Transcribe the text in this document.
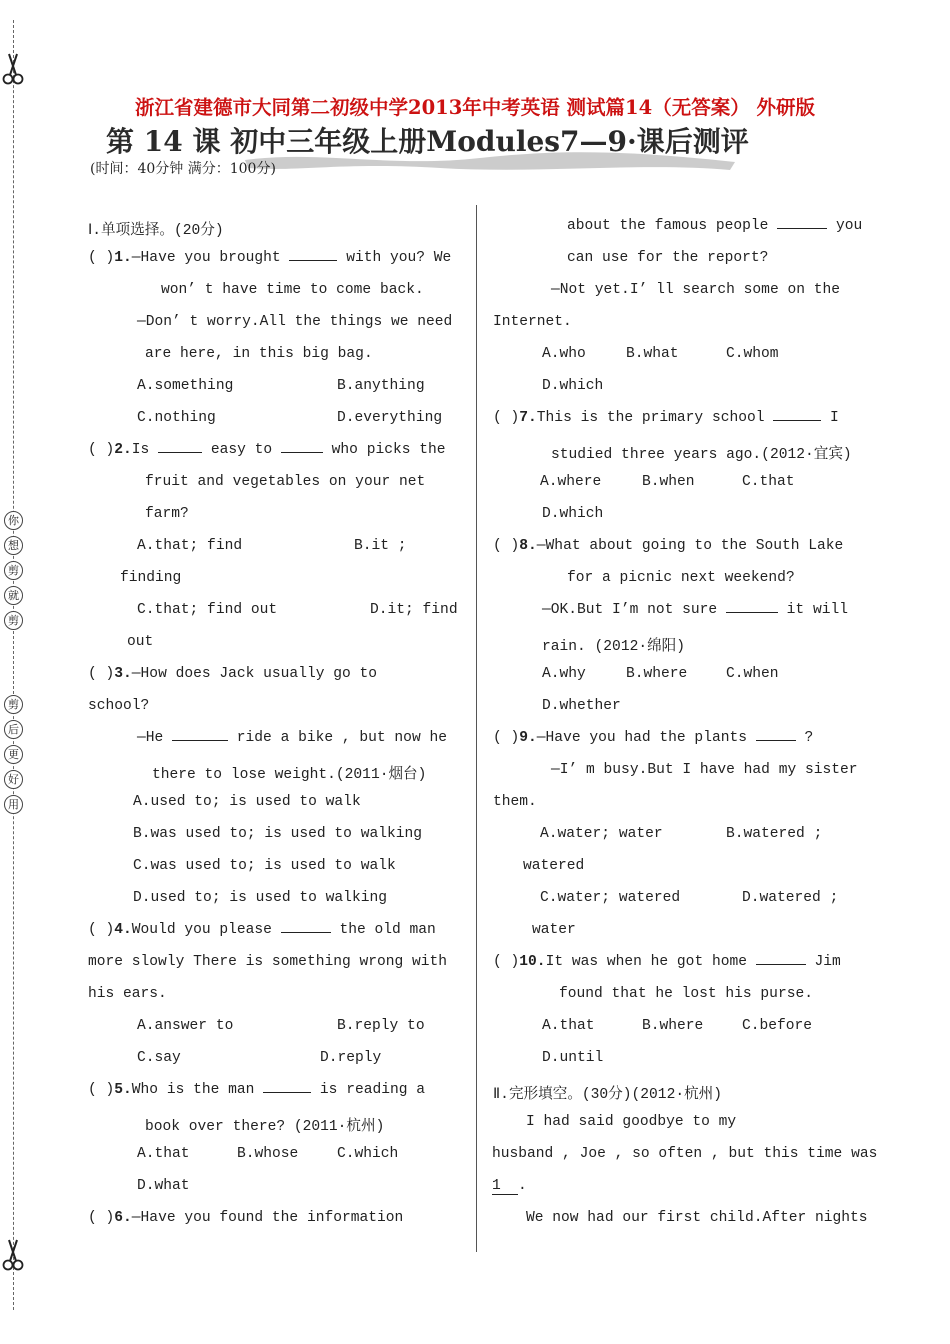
你
想
剪
就
剪
剪
后
更
好
用
浙江省建德市大同第二初级中学2013年中考英语 测试篇14（无答案） 外研版
第 14 课 初中三年级上册Modules7—9·课后测评
(时间：40分钟 满分：100分)
Ⅰ.单项选择。(20分)
( )1.—Have you brought	with you? We
won’ t have time to come back.
—Don’ t worry.All the things we need
are here, in this big bag.
A.something	B.anything
C.nothing	D.everything
( )2.Is	easy to	who picks the
fruit and vegetables on your net
farm?
A.that; find	B.it ;
finding
C.that; find out	D.it; find
out
( )3.—How does Jack usually go to
school?
—He	ride a bike , but now he
there to lose weight.(2011·烟台)
A.used to; is used to walk
B.was used to; is used to walking
C.was used to; is used to walk
D.used to; is used to walking
( )4.Would you please	the old man
more slowly There is something wrong with
his ears.
A.answer to	B.reply to
C.say	D.reply
( )5.Who is the man	is reading a
book over there? (2011·杭州)
A.that	B.whose	C.which
D.what
( )6.—Have you found the information
about the famous people	you
can use for the report?
—Not yet.I’ ll search some on the
Internet.
A.who	B.what	C.whom
D.which
( )7.This is the primary school	I
studied three years ago.(2012·宜宾)
A.where	B.when	C.that
D.which
( )8.—What about going to the South Lake
for a picnic next weekend?
—OK.But I’m not sure	it will
rain. (2012·绵阳)
A.why	B.where	C.when
D.whether
( )9.—Have you had the plants	?
—I’ m busy.But I have had my sister
them.
A.water; water	B.watered ;
watered
C.water; watered	D.watered ;
water
( )10.It was when he got home	Jim
found that he lost his purse.
A.that	B.where	C.before
D.until
Ⅱ.完形填空。(30分)(2012·杭州)
I had said goodbye to my
husband , Joe , so often , but this time was
1 .
We now had our first child.After nights
